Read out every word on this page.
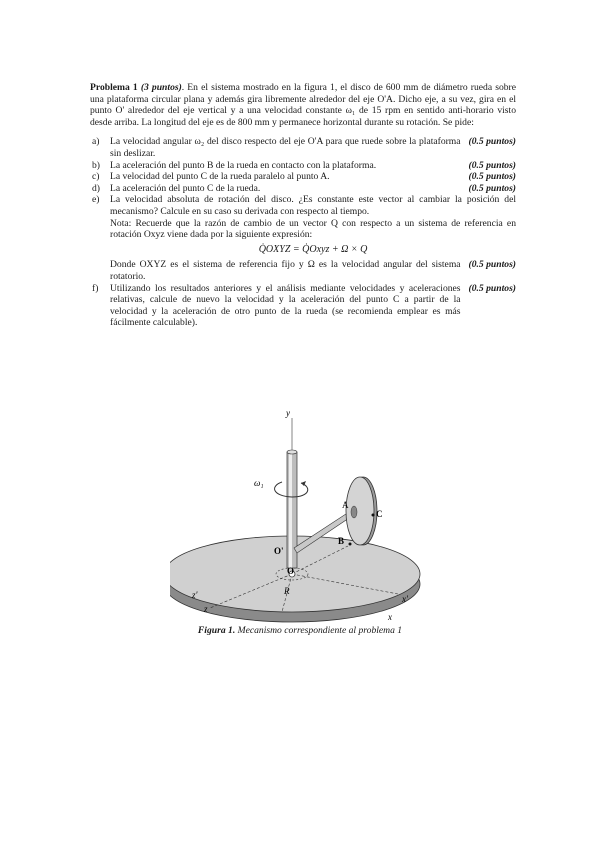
Problema 1 (3 puntos). En el sistema mostrado en la figura 1, el disco de 600 mm de diámetro rueda sobre una plataforma circular plana y además gira libremente alrededor del eje O'A. Dicho eje, a su vez, gira en el punto O' alrededor del eje vertical y a una velocidad constante ω₁ de 15 rpm en sentido anti-horario visto desde arriba. La longitud del eje es de 800 mm y permanece horizontal durante su rotación. Se pide:

a)	La velocidad angular ω₂ del disco respecto del eje O'A para que ruede sobre la plataforma sin deslizar.
(0.5 puntos)
b)	La aceleración del punto B de la rueda en contacto con la plataforma.	(0.5 puntos)
c)	La velocidad del punto C de la rueda paralelo al punto A.	(0.5 puntos)
d)	La aceleración del punto C de la rueda.	(0.5 puntos)
e)	La velocidad absoluta de rotación del disco. ¿Es constante este vector al cambiar la posición del mecanismo? Calcule en su caso su derivada con respecto al tiempo.
Nota: Recuerde que la razón de cambio de un vector Q con respecto a un sistema de referencia en rotación Oxyz viene dada por la siguiente expresión:
Q̇OXYZ = Q̇Oxyz + Ω × Q
Donde OXYZ es el sistema de referencia fijo y Ω es la velocidad angular del sistema rotatorio.
(0.5 puntos)
f)	Utilizando los resultados anteriores y el análisis mediante velocidades y aceleraciones relativas, calcule de nuevo la velocidad y la aceleración del punto C a partir de la velocidad y la aceleración de otro punto de la rueda (se recomienda emplear es más fácilmente calculable).
(0.5 puntos)
y
ω₁
A
C
B
O'
O
R
z'
z
x'
x
Figura 1. Mecanismo correspondiente al problema 1
